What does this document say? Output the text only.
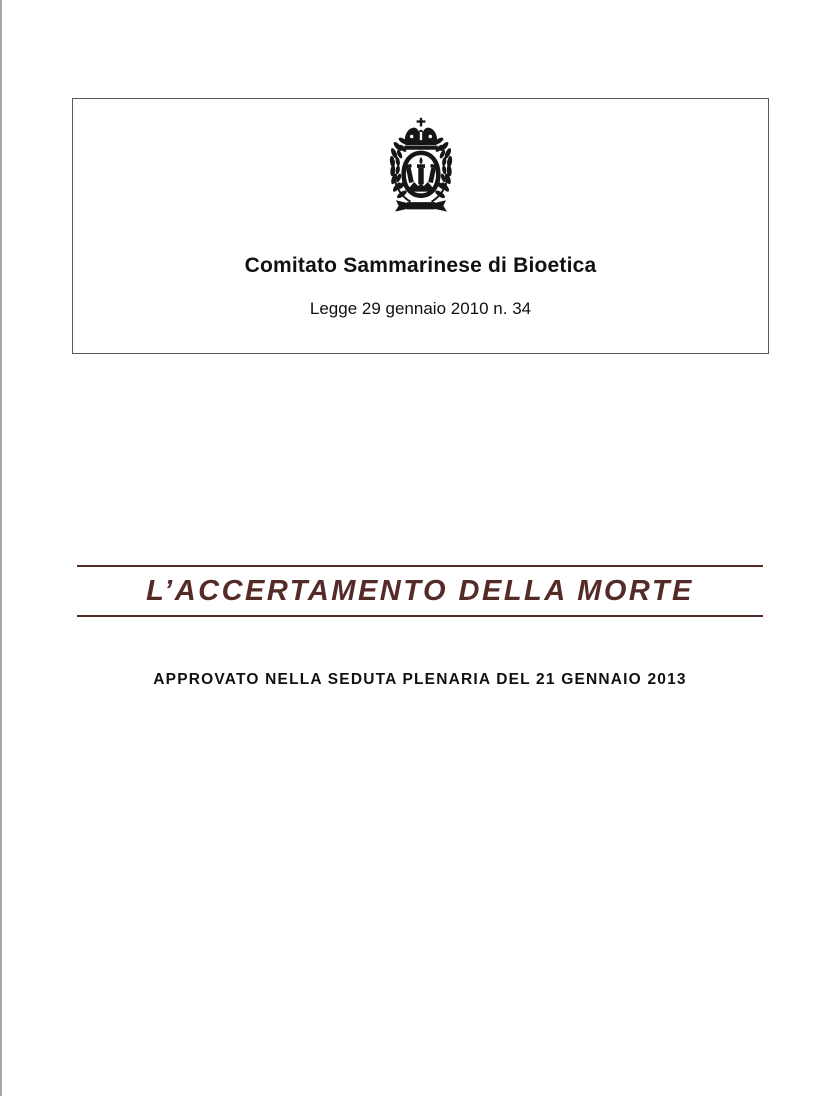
Comitato Sammarinese di Bioetica
Legge 29 gennaio 2010 n. 34
L’ACCERTAMENTO DELLA MORTE
APPROVATO NELLA SEDUTA PLENARIA DEL 21 GENNAIO 2013
